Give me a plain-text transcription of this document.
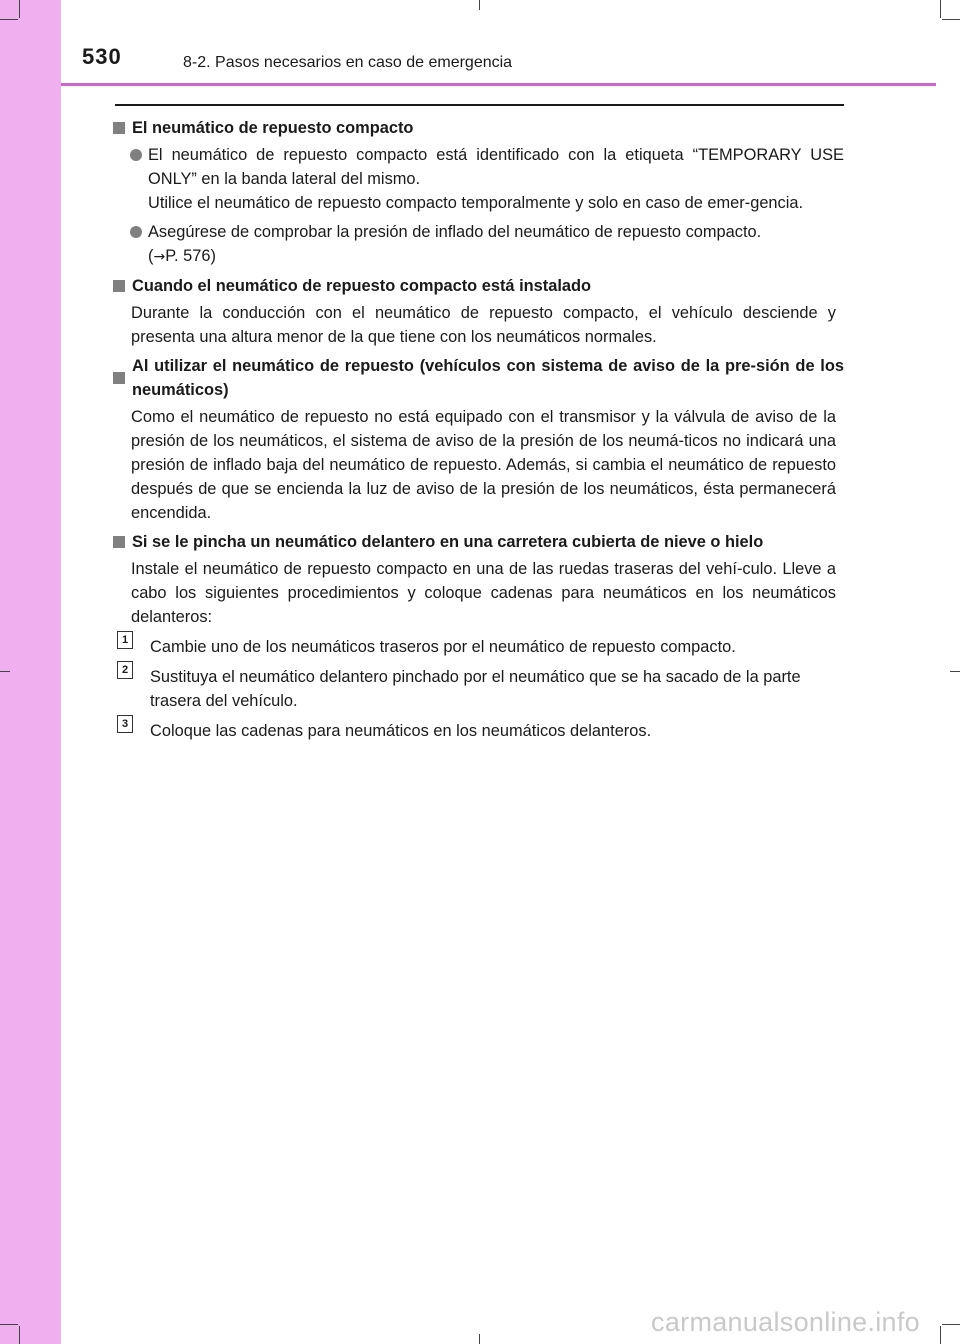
530	8-2. Pasos necesarios en caso de emergencia
El neumático de repuesto compacto
El neumático de repuesto compacto está identificado con la etiqueta “TEMPORARY USE ONLY” en la banda lateral del mismo.
Utilice el neumático de repuesto compacto temporalmente y solo en caso de emer-gencia.
Asegúrese de comprobar la presión de inflado del neumático de repuesto compacto.
(→P. 576)
Cuando el neumático de repuesto compacto está instalado
Durante la conducción con el neumático de repuesto compacto, el vehículo desciende y presenta una altura menor de la que tiene con los neumáticos normales.
Al utilizar el neumático de repuesto (vehículos con sistema de aviso de la pre-sión de los neumáticos)
Como el neumático de repuesto no está equipado con el transmisor y la válvula de aviso de la presión de los neumáticos, el sistema de aviso de la presión de los neumá-ticos no indicará una presión de inflado baja del neumático de repuesto. Además, si cambia el neumático de repuesto después de que se encienda la luz de aviso de la presión de los neumáticos, ésta permanecerá encendida.
Si se le pincha un neumático delantero en una carretera cubierta de nieve o hielo
Instale el neumático de repuesto compacto en una de las ruedas traseras del vehí-culo. Lleve a cabo los siguientes procedimientos y coloque cadenas para neumáticos en los neumáticos delanteros:
1	Cambie uno de los neumáticos traseros por el neumático de repuesto compacto.
2	Sustituya el neumático delantero pinchado por el neumático que se ha sacado de la parte trasera del vehículo.
3	Coloque las cadenas para neumáticos en los neumáticos delanteros.
carmanualsonline.info
